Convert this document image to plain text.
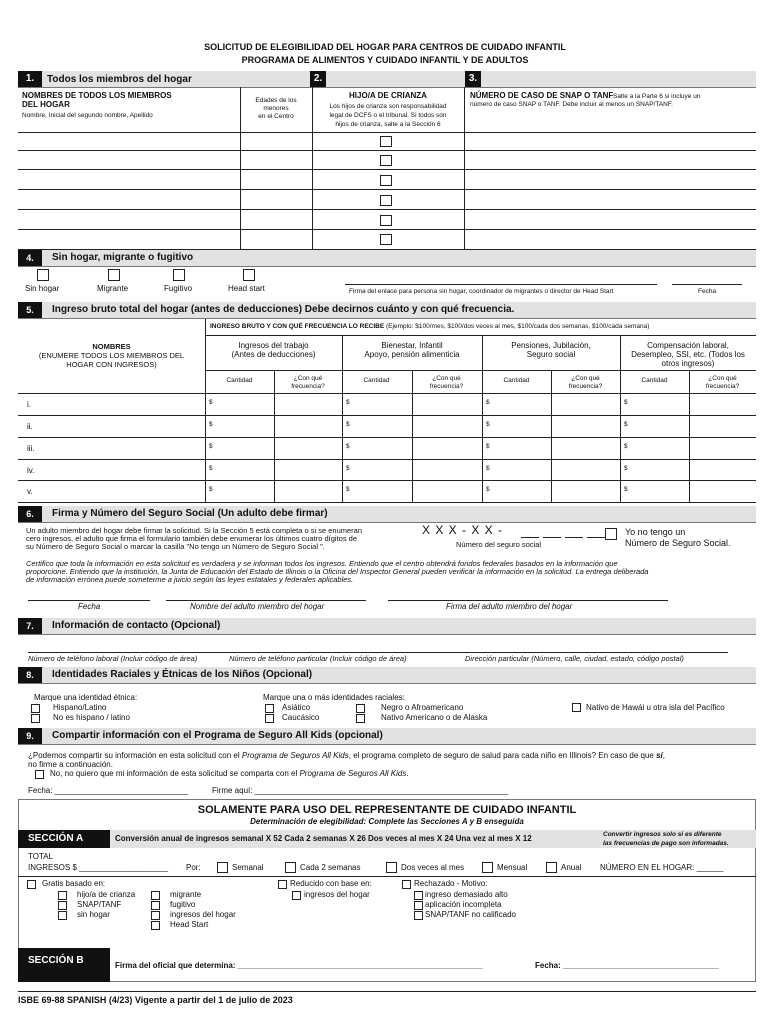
SOLICITUD DE ELEGIBILIDAD DEL HOGAR PARA CENTROS DE CUIDADO INFANTIL
PROGRAMA DE ALIMENTOS Y CUIDADO INFANTIL Y DE ADULTOS
1.	Todos los miembros del hogar	2.	3.
NOMBRES DE TODOS LOS MIEMBROS
DEL HOGAR
Nombre, Inicial del segundo nombre, Apellido
Edades de los
menores
en el Centro
HIJO/A DE CRIANZA
Los hijos de crianza son responsabilidad
legal de DCFS o el tribunal. Si todos son
hijos de crianza, salte a la Sección 6
NÚMERO DE CASO DE SNAP O TANF Salte a la Parte 6 si incluye un
número de caso SNAP o TANF. Debe incluir al menos un SNAP/TANF.
4.	Sin hogar, migrante o fugitivo
Sin hogar	Migrante	Fugitivo	Head start	Firma del enlace para persona sin hogar, coordinador de migrantes o director de Head Start	Fecha
5.	Ingreso bruto total del hogar (antes de deducciones) Debe decirnos cuánto y con qué frecuencia.
INGRESO BRUTO Y CON QUÉ FRECUENCIA LO RECIBE (Ejemplo: $100/mes, $100/dos veces al mes, $100/cada dos semanas, $100/cada semana)
NOMBRES
(ENUMERE TODOS LOS MIEMBROS DEL
HOGAR CON INGRESOS)
Ingresos del trabajo
(Antes de deducciones)
Cantidad	¿Con qué
frecuencia?
Bienestar, Infantil
Apoyo, pensión alimenticia
Cantidad	¿Con qué
frecuencia?
Pensiones, Jubilación,
Seguro social
Cantidad	¿Con qué
frecuencia?
Compensación laboral,
Desempleo, SSI, etc. (Todos los
otros ingresos)
Cantidad	¿Con qué
frecuencia?
i.	$	$	$	$
ii.	$	$	$	$
iii.	$	$	$	$
iv.	$	$	$	$
v.	$	$	$	$
6.	Firma y Número del Seguro Social (Un adulto debe firmar)
Un adulto miembro del hogar debe firmar la solicitud. Si la Sección 5 está completa o si se enumeran
cero ingresos, el adulto que firma el formulario también debe enumerar los últimos cuatro dígitos de
su Número de Seguro Social o marcar la casilla "No tengo un Número de Seguro Social ".
X X X - X X -
Número del seguro social
Yo no tengo un
Número de Seguro Social.
Certifico que toda la información en esta solicitud es verdadera y se informan todos los ingresos. Entiendo que el centro obtendrá fondos federales basados en la información que
proporcione. Entiendo que la institución, la Junta de Educación del Estado de Illinois o la Oficina del Inspector General pueden verificar la información en la solicitud. La entrega deliberada
de información errónea puede someterme a juicio según las leyes estatales y federales aplicables.
Fecha	Nombre del adulto miembro del hogar	Firma del adulto miembro del hogar
7.	Información de contacto (Opcional)
Número de teléfono laboral (Incluir código de área)	Número de teléfono particular (Incluir código de área)	Dirección particular (Número, calle, ciudad, estado, código postal)
8.	Identidades Raciales y Étnicas de los Niños (Opcional)
Marque una identidad étnica:
Hispano/Latino
No es hispano / latino
Marque una o más identidades raciales:
Asiático
Caucásico
Negro o Afroamericano
Nativo Americano o de Alaska
Nativo de Hawái u otra isla del Pacífico
9.	Compartir información con el Programa de Seguro All Kids (opcional)
¿Podemos compartir su información en esta solicitud con el Programa de Seguros All Kids, el programa completo de seguro de salud para cada niño en Illinois? En caso de que sí,
no firme a continuación.
No, no quiero que mi información de esta solicitud se comparta con el Programa de Seguros All Kids.
Fecha: ______________________________	Firme aquí: _________________________________________________________
SOLAMENTE PARA USO DEL REPRESENTANTE DE CUIDADO INFANTIL
Determinación de elegibilidad: Complete las Secciones A y B enseguida
SECCIÓN A	Conversión anual de ingresos semanal X 52 Cada 2 semanas X 26 Dos veces al mes X 24 Una vez al mes X 12	Convertir ingresos solo si es diferente
las frecuencias de pago son informadas.
TOTAL
INGRESOS $ ____________________ Por:	Semanal	Cada 2 semanas	Dos veces al mes	Mensual	Anual NÚMERO EN EL HOGAR: ______
Gratis basado en:
hijo/a de crianza
SNAP/TANF
sin hogar
migrante
fugitivo
ingresos del hogar
Head Start
Reducido con base en:
ingresos del hogar
Rechazado - Motivo:
ingreso demasiado alto
aplicación incompleta
SNAP/TANF no calificado
SECCIÓN B	Firma del oficial que determina: _______________________________________________________	Fecha: ___________________________________
ISBE 69-88 SPANISH (4/23) Vigente a partir del 1 de julio de 2023
